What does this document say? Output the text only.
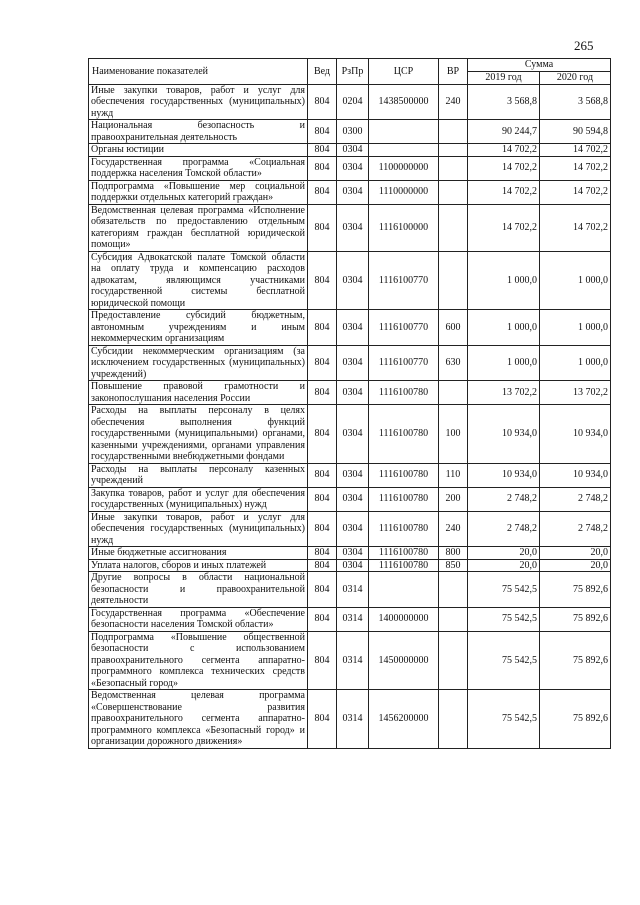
265
Наименование показателей	Вед	РзПр	ЦСР	ВР	Сумма	
					2019 год	2020 год
Иные закупки товаров, работ и услуг для обеспечения государственных (муниципальных) нужд	804	0204	1438500000	240	3 568,8	3 568,8
Национальная безопасность и правоохранительная деятельность	804	0300			90 244,7	90 594,8
Органы юстиции	804	0304			14 702,2	14 702,2
Государственная программа «Социальная поддержка населения Томской области»	804	0304	1100000000		14 702,2	14 702,2
Подпрограмма «Повышение мер социальной поддержки отдельных категорий граждан»	804	0304	1110000000		14 702,2	14 702,2
Ведомственная целевая программа «Исполнение обязательств по предоставлению отдельным категориям граждан бесплатной юридической помощи»	804	0304	1116100000		14 702,2	14 702,2
Субсидия Адвокатской палате Томской области на оплату труда и компенсацию расходов адвокатам, являющимся участниками государственной системы бесплатной юридической помощи	804	0304	1116100770		1 000,0	1 000,0
Предоставление субсидий бюджетным, автономным учреждениям и иным некоммерческим организациям	804	0304	1116100770	600	1 000,0	1 000,0
Субсидии некоммерческим организациям (за исключением государственных (муниципальных) учреждений)	804	0304	1116100770	630	1 000,0	1 000,0
Повышение правовой грамотности и законопослушания населения России	804	0304	1116100780		13 702,2	13 702,2
Расходы на выплаты персоналу в целях обеспечения выполнения функций государственными (муниципальными) органами, казенными учреждениями, органами управления государственными внебюджетными фондами	804	0304	1116100780	100	10 934,0	10 934,0
Расходы на выплаты персоналу казенных учреждений	804	0304	1116100780	110	10 934,0	10 934,0
Закупка товаров, работ и услуг для обеспечения государственных (муниципальных) нужд	804	0304	1116100780	200	2 748,2	2 748,2
Иные закупки товаров, работ и услуг для обеспечения государственных (муниципальных) нужд	804	0304	1116100780	240	2 748,2	2 748,2
Иные бюджетные ассигнования	804	0304	1116100780	800	20,0	20,0
Уплата налогов, сборов и иных платежей	804	0304	1116100780	850	20,0	20,0
Другие вопросы в области национальной безопасности и правоохранительной деятельности	804	0314			75 542,5	75 892,6
Государственная программа «Обеспечение безопасности населения Томской области»	804	0314	1400000000		75 542,5	75 892,6
Подпрограмма «Повышение общественной безопасности с использованием правоохранительного сегмента аппаратно-программного комплекса технических средств «Безопасный город»	804	0314	1450000000		75 542,5	75 892,6
Ведомственная целевая программа «Совершенствование развития правоохранительного сегмента аппаратно-программного комплекса «Безопасный город» и организации дорожного движения»	804	0314	1456200000		75 542,5	75 892,6
